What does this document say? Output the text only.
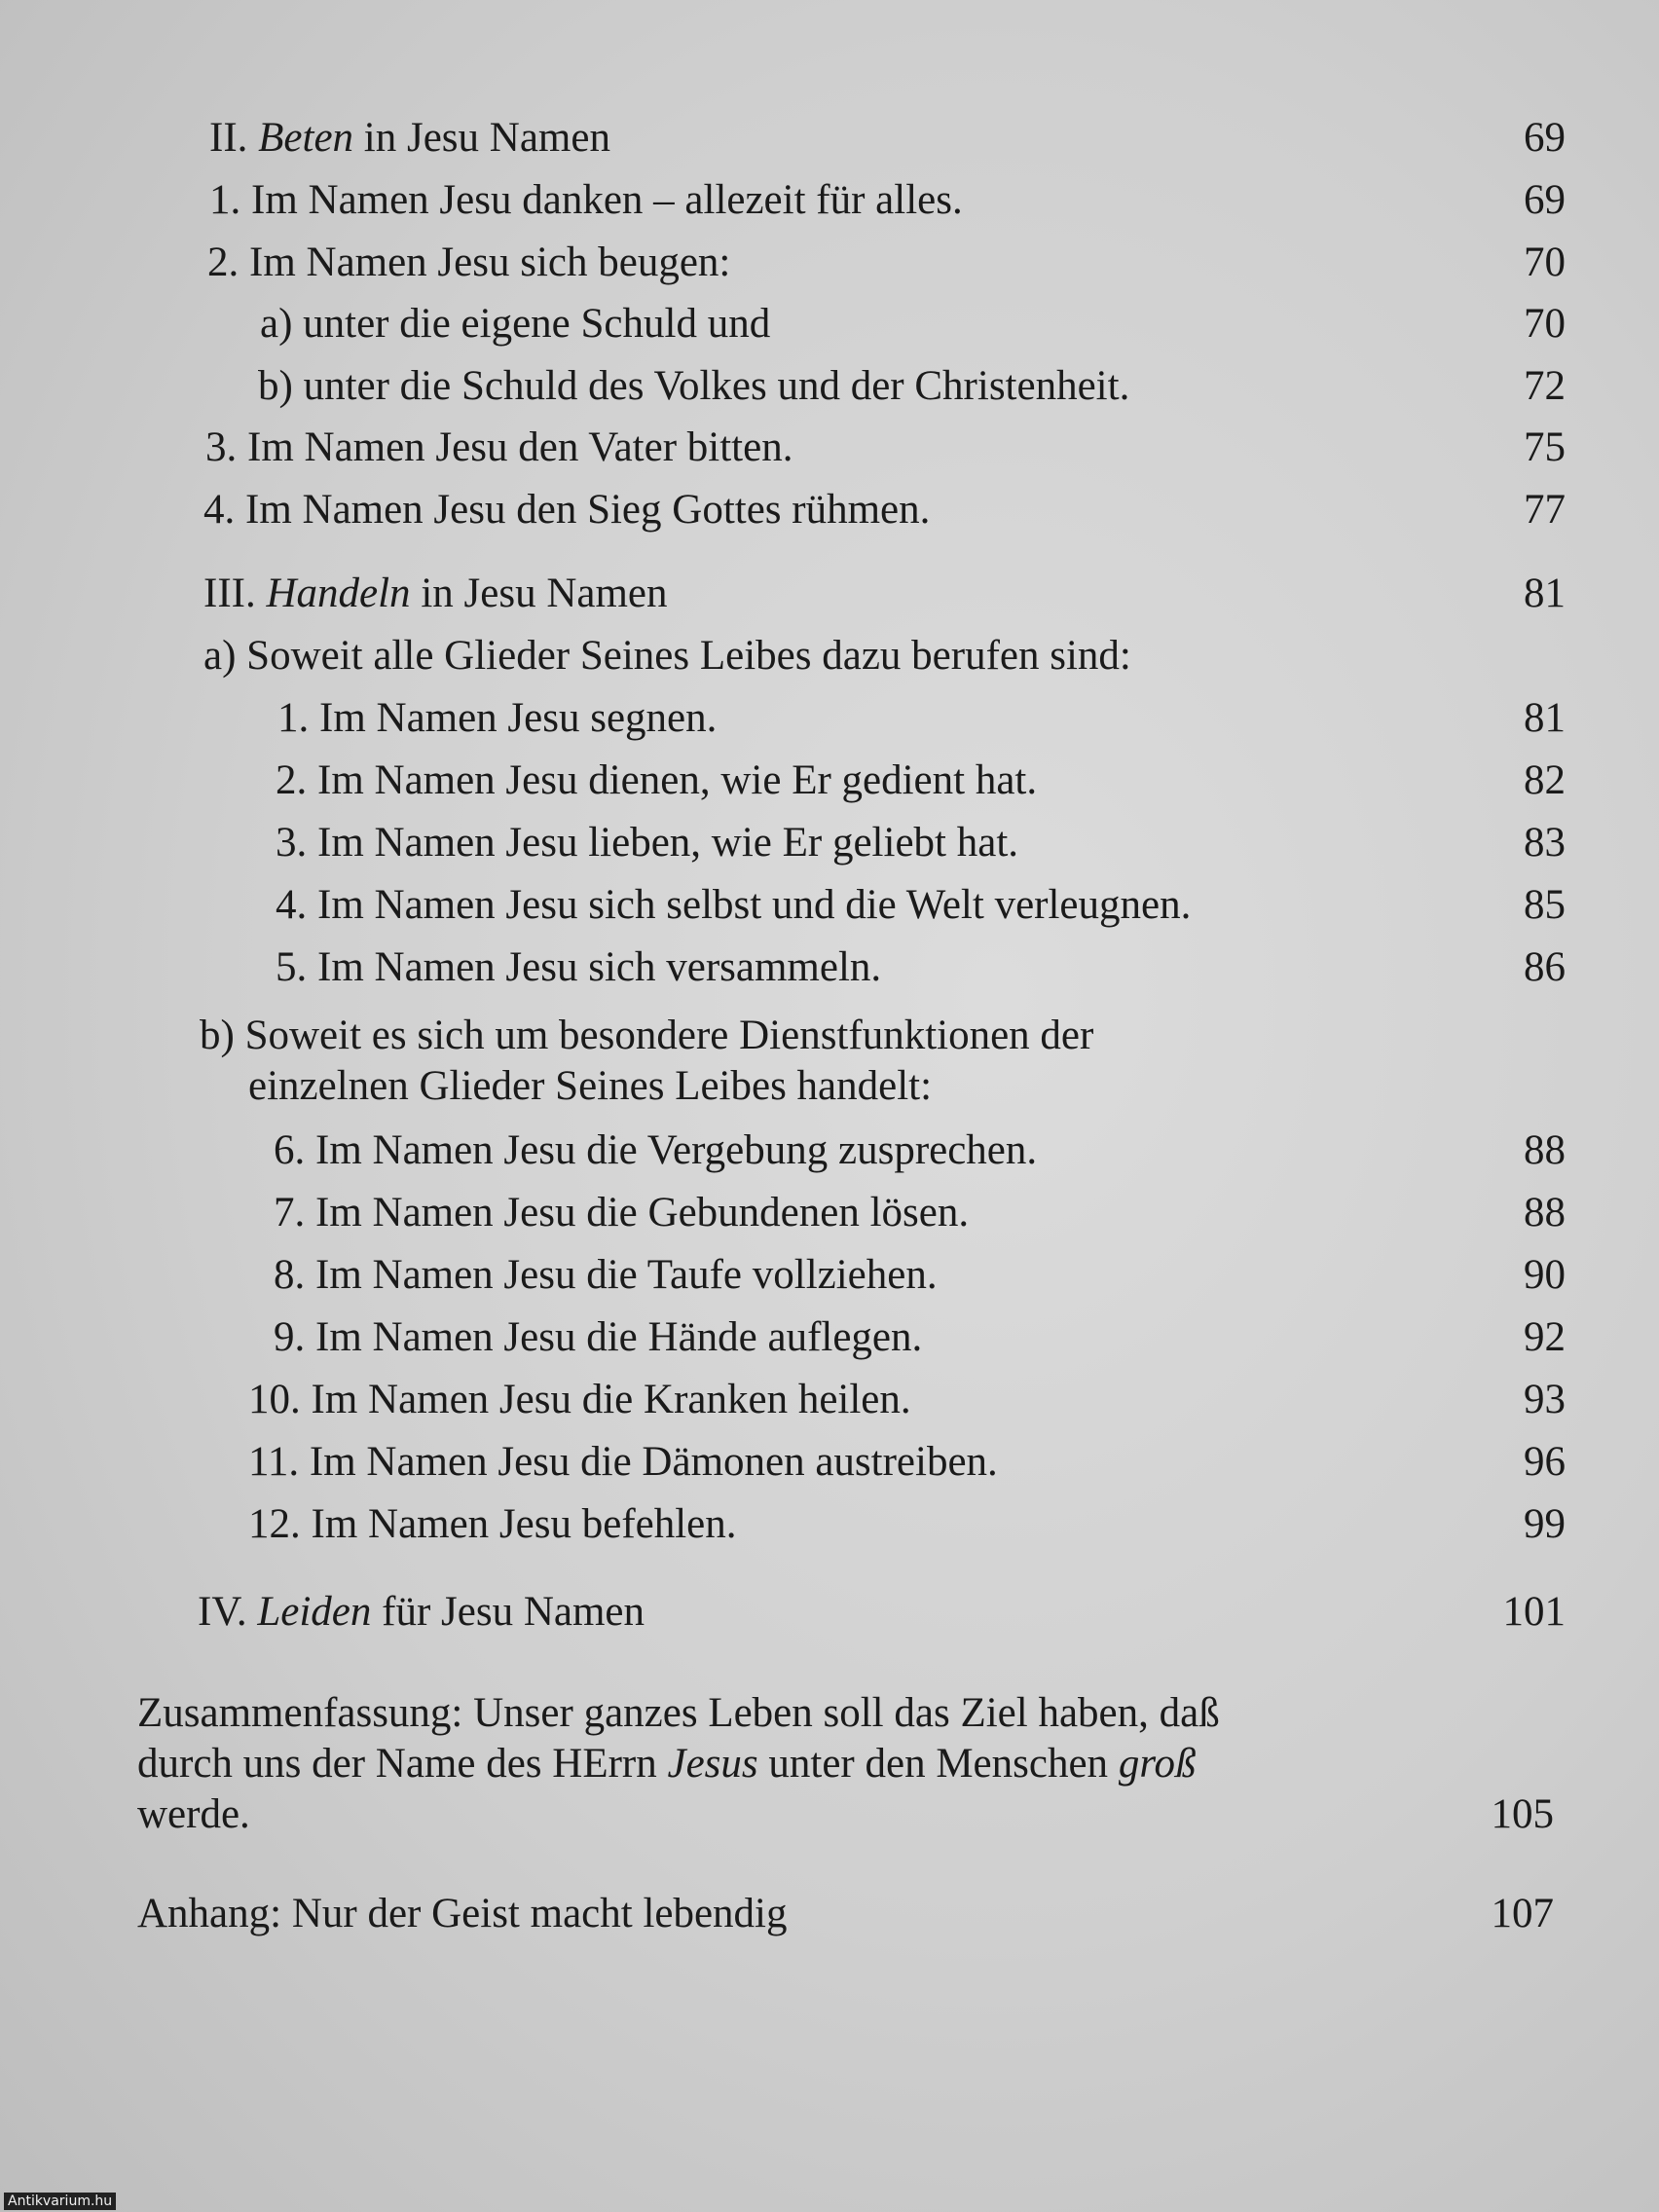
II. Beten in Jesu Namen	69
1. Im Namen Jesu danken – allezeit für alles.	69
2. Im Namen Jesu sich beugen:	70
a) unter die eigene Schuld und	70
b) unter die Schuld des Volkes und der Christenheit.	72
3. Im Namen Jesu den Vater bitten.	75
4. Im Namen Jesu den Sieg Gottes rühmen.	77
III. Handeln in Jesu Namen	81
a) Soweit alle Glieder Seines Leibes dazu berufen sind:
1. Im Namen Jesu segnen.	81
2. Im Namen Jesu dienen, wie Er gedient hat.	82
3. Im Namen Jesu lieben, wie Er geliebt hat.	83
4. Im Namen Jesu sich selbst und die Welt verleugnen.	85
5. Im Namen Jesu sich versammeln.	86
b) Soweit es sich um besondere Dienstfunktionen der
einzelnen Glieder Seines Leibes handelt:
6. Im Namen Jesu die Vergebung zusprechen.	88
7. Im Namen Jesu die Gebundenen lösen.	88
8. Im Namen Jesu die Taufe vollziehen.	90
9. Im Namen Jesu die Hände auflegen.	92
10. Im Namen Jesu die Kranken heilen.	93
11. Im Namen Jesu die Dämonen austreiben.	96
12. Im Namen Jesu befehlen.	99
IV. Leiden für Jesu Namen	101
Zusammenfassung: Unser ganzes Leben soll das Ziel haben, daß
durch uns der Name des HErrn Jesus unter den Menschen groß
werde.	105
Anhang: Nur der Geist macht lebendig	107
Antikvarium.hu
